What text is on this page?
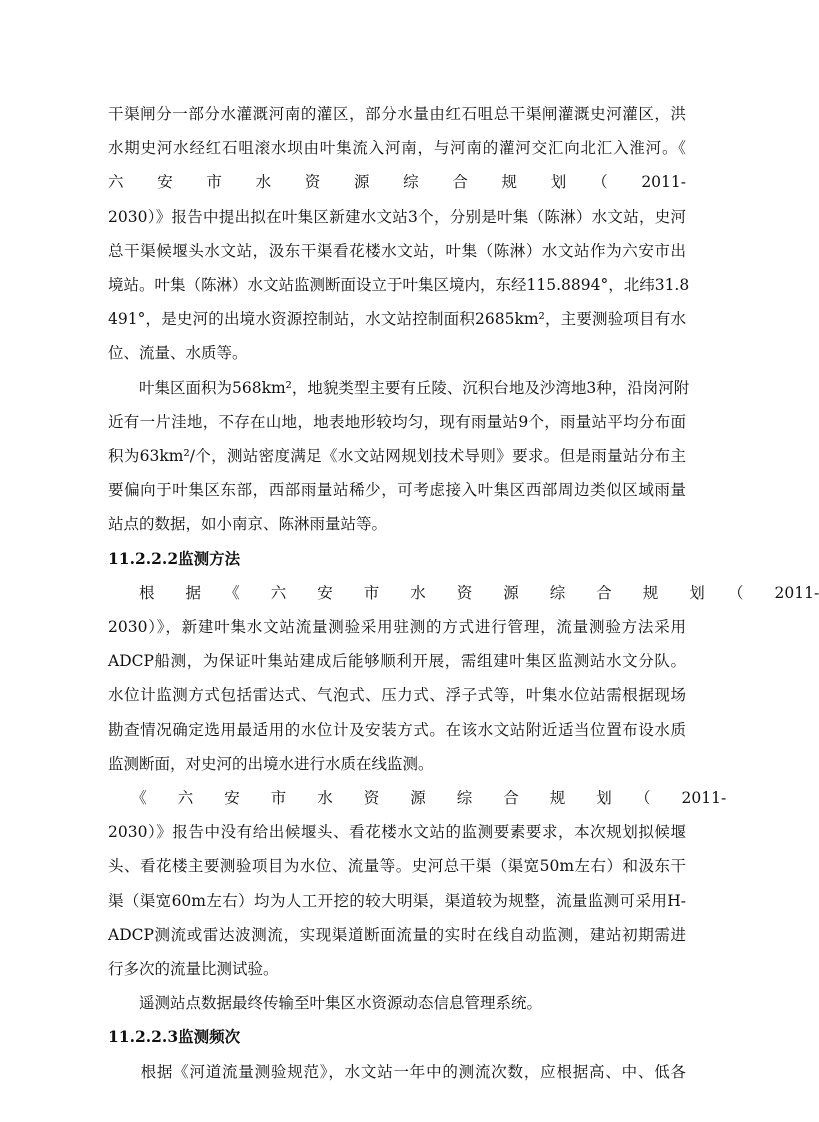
干渠闸分一部分水灌溉河南的灌区，部分水量由红石咀总干渠闸灌溉史河灌区，洪
水期史河水经红石咀滚水坝由叶集流入河南，与河南的灌河交汇向北汇入淮河。《
六　　安　　市　　水　　资　　源　　综　　合　　规　　划　　（　　2011-
2030）》报告中提出拟在叶集区新建水文站3个，分别是叶集（陈淋）水文站，史河
总干渠候堰头水文站，汲东干渠看花楼水文站，叶集（陈淋）水文站作为六安市出
境站。叶集（陈淋）水文站监测断面设立于叶集区境内，东经115.8894°，北纬31.8
491°，是史河的出境水资源控制站，水文站控制面积2685km²，主要测验项目有水
位、流量、水质等。
　　叶集区面积为568km²，地貌类型主要有丘陵、沉积台地及沙湾地3种，沿岗河附
近有一片洼地，不存在山地，地表地形较均匀，现有雨量站9个，雨量站平均分布面
积为63km²/个，测站密度满足《水文站网规划技术导则》要求。但是雨量站分布主
要偏向于叶集区东部，西部雨量站稀少，可考虑接入叶集区西部周边类似区域雨量
站点的数据，如小南京、陈淋雨量站等。
11.2.2.2监测方法
　　根　　据　　《　　六　　安　　市　　水　　资　　源　　综　　合　　规　　划　　（　　2011-
2030）》，新建叶集水文站流量测验采用驻测的方式进行管理，流量测验方法采用
ADCP船测，为保证叶集站建成后能够顺利开展，需组建叶集区监测站水文分队。
水位计监测方式包括雷达式、气泡式、压力式、浮子式等，叶集水位站需根据现场
勘查情况确定选用最适用的水位计及安装方式。在该水文站附近适当位置布设水质
监测断面，对史河的出境水进行水质在线监测。
　　《　　六　　安　　市　　水　　资　　源　　综　　合　　规　　划　　（　　2011-
2030）》报告中没有给出候堰头、看花楼水文站的监测要素要求，本次规划拟候堰
头、看花楼主要测验项目为水位、流量等。史河总干渠（渠宽50m左右）和汲东干
渠（渠宽60m左右）均为人工开挖的较大明渠，渠道较为规整，流量监测可采用H-
ADCP测流或雷达波测流，实现渠道断面流量的实时在线自动监测，建站初期需进
行多次的流量比测试验。
　　遥测站点数据最终传输至叶集区水资源动态信息管理系统。
11.2.2.3监测频次
　　根据《河道流量测验规范》，水文站一年中的测流次数，应根据高、中、低各
